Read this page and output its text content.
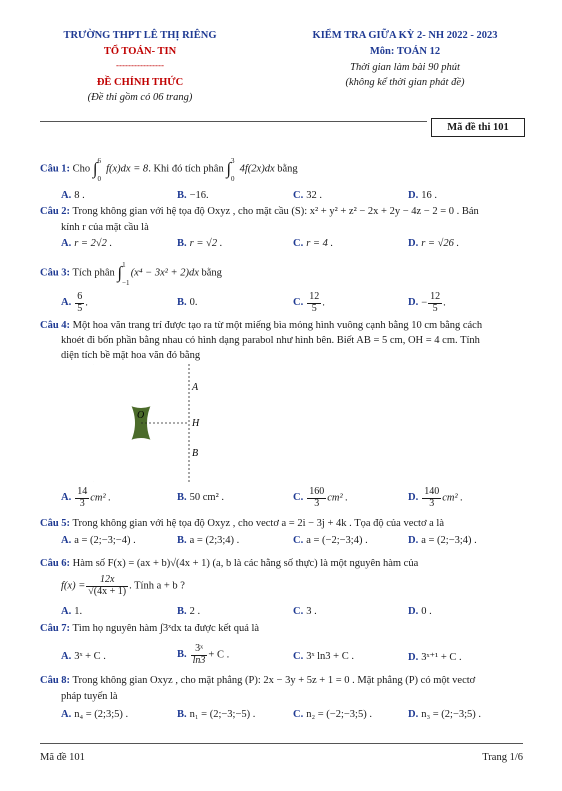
TRƯỜNG THPT LÊ THỊ RIÊNG
TỔ TOÁN- TIN
----------------
ĐỀ CHÍNH THỨC
(Đề thi gồm có 06 trang)
KIỂM TRA GIỮA KỲ 2- NH 2022 - 2023
Môn: TOÁN 12
Thời gian làm bài 90 phút
(không kể thời gian phát đề)
Mã đề thi 101
Câu 1: Cho ∫ 6
0
f(x)dx = 8. Khi đó tích phân ∫ 3
0
4f(2x)dx bằng
A. 8 .	B. −16.	C. 32 .	D. 16 .
Câu 2: Trong không gian với hệ tọa độ Oxyz , cho mặt cầu (S): x² + y² + z² − 2x + 2y − 4z − 2 = 0 . Bán
kính r của mặt cầu là
A. r = 2√2 .	B. r = √2 .	C. r = 4 .	D. r = √26 .
Câu 3: Tích phân ∫ 1
−1
(x⁴ − 3x² + 2)dx bằng
A. $\frac{6}{5}$ .	B. 0.	C. $\frac{12}{5}$ .	D. − $\frac{12}{5}$ .
Câu 4: Một hoa văn trang trí được tạo ra từ một miếng bìa mỏng hình vuông cạnh bằng 10 cm bằng cách
khoét đi bốn phần bằng nhau có hình dạng parabol như hình bên. Biết AB = 5 cm, OH = 4 cm. Tính
diện tích bề mặt hoa văn đó bằng
A
O
H
B
A. $\frac{14}{3} cm^2$ .	B. 50 cm² .	C. $\frac{160}{3} cm^2$ .	D. $\frac{140}{3} cm^2$ .
Câu 5: Trong không gian với hệ tọa độ Oxyz , cho vectơ a = 2i − 3j + 4k . Tọa độ của vectơ a là
A. a = (2;−3;−4) .	B. a = (2;3;4) .	C. a = (−2;−3;4) .	D. a = (2;−3;4) .
Câu 6: Hàm số F(x) = (ax + b)√(4x + 1) (a, b là các hằng số thực) là một nguyên hàm của
$f(x) = \frac{12x}{√(4x + 1)}$ . Tính a + b ?
A. 1.	B. 2 .	C. 3 .	D. 0 .
Câu 7: Tìm họ nguyên hàm ∫3ˣdx ta được kết quả là
A. 3ˣ + C .	B. $\frac{\text{3ˣ}}{\ln 3} + C$ .	C. 3ˣ ln3 + C .	D. 3ˣ⁺¹ + C .
Câu 8: Trong không gian Oxyz , cho mặt phẳng (P): 2x − 3y + 5z + 1 = 0 . Mặt phẳng (P) có một vectơ
pháp tuyến là
A. n₄ = (2;3;5) .	B. n₁ = (2;−3;−5) .	C. n₂ = (−2;−3;5) .	D. n₃ = (2;−3;5) .
Mã đề 101	Trang 1/6
